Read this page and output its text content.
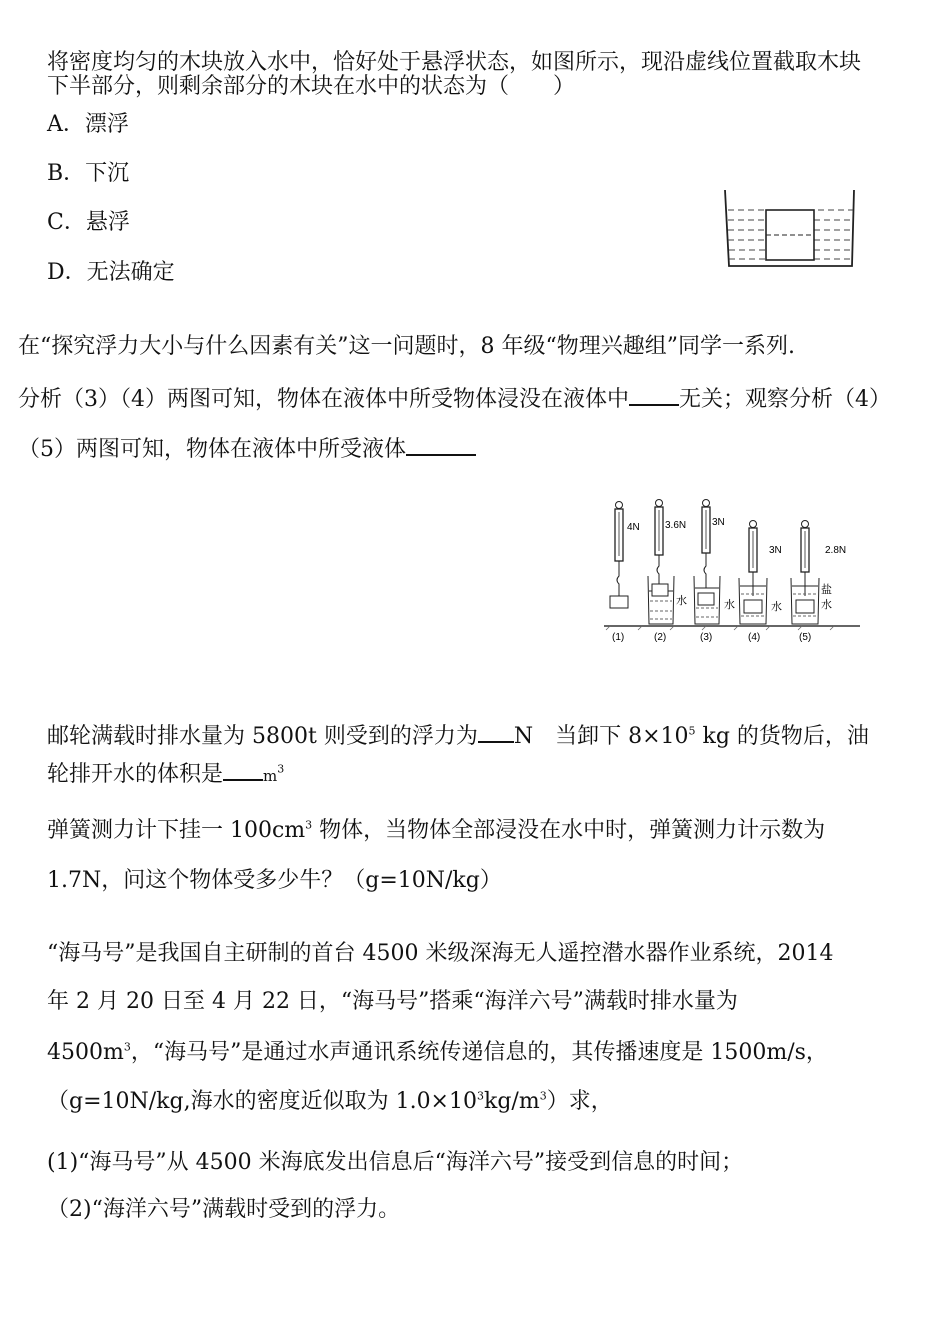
将密度均匀的木块放入水中，恰好处于悬浮状态，如图所示，现沿虚线位置截取木块
下半部分，则剩余部分的木块在水中的状态为（　　）
A．漂浮
B．下沉
C．悬浮
D．无法确定
在“探究浮力大小与什么因素有关”这一问题时，8 年级“物理兴趣组”同学一系列.
分析（3）（4）两图可知，物体在液体中所受物体浸没在液体中 无关；观察分析（4）
（5）两图可知，物体在液体中所受液体
4N	3.6N	3N
3N	2.8N
水	水	水
盐
水
(1)	(2)	(3)	(4)	(5)
邮轮满载时排水量为 5800t 则受到的浮力为 N　当卸下 $8\times 10^5$ kg 的货物后，油
轮排开水的体积是	$m^3$
弹簧测力计下挂一 $100cm^3$ 物体，当物体全部浸没在水中时，弹簧测力计示数为
1.7N，问这个物体受多少牛？（g=10N/kg）
“海马号”是我国自主研制的首台 4500 米级深海无人遥控潜水器作业系统，2014
年 2 月 20 日至 4 月 22 日，“海马号”搭乘“海洋六号”满载时排水量为
$4500m^3$，“海马号”是通过水声通讯系统传递信息的，其传播速度是 1500m/s，
（g=10N/kg,海水的密度近似取为 $1.0\times 10^3kg/m^3$）求，
(1)“海马号”从 4500 米海底发出信息后“海洋六号”接受到信息的时间；
（2)“海洋六号”满载时受到的浮力。
